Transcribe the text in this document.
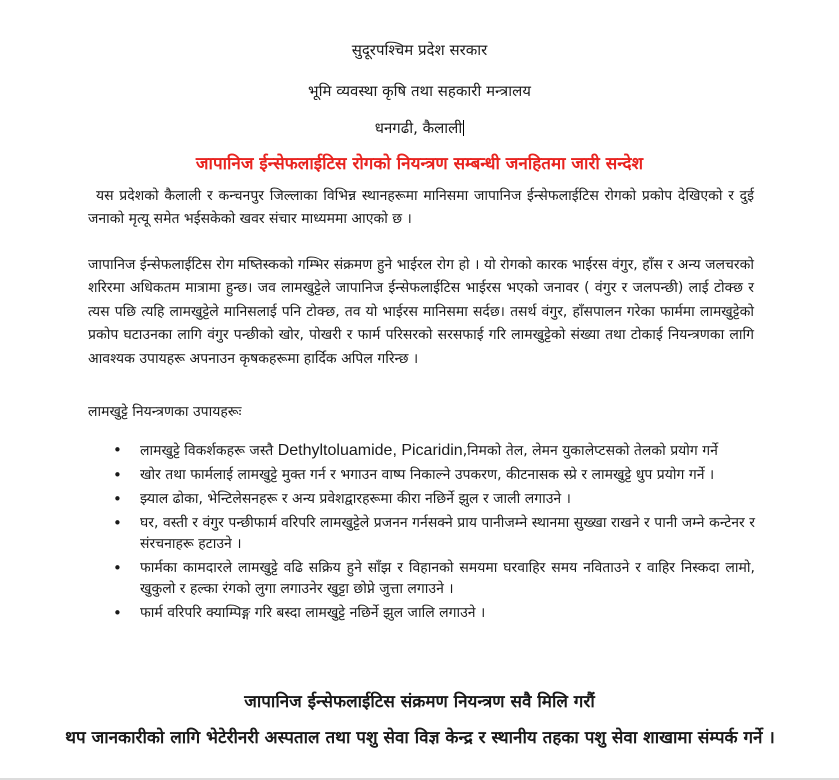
सुदूरपश्चिम प्रदेश सरकार
भूमि व्यवस्था कृषि तथा सहकारी मन्त्रालय
धनगढी, कैलाली
जापानिज ईन्सेफलाईटिस रोगको नियन्त्रण सम्बन्धी जनहितमा जारी सन्देश

यस प्रदेशको कैलाली र कन्चनपुर जिल्लाका विभिन्न स्थानहरूमा मानिसमा जापानिज ईन्सेफलाईटिस रोगको प्रकोप देखिएको र दुई जनाको मृत्यू समेत भईसकेको खवर संचार माध्यममा आएको छ ।

जापानिज ईन्सेफलाईटिस रोग मष्तिस्कको गम्भिर संक्रमण हुने भाईरल रोग हो । यो रोगको कारक भाईरस वंगुर, हाँस र अन्य जलचरको शरिरमा अधिकतम मात्रामा हुन्छ। जव लामखुट्टेले जापानिज ईन्सेफलाईटिस भाईरस भएको जनावर ( वंगुर र जलपन्छी) लाई टोक्छ र त्यस पछि त्यहि लामखुट्टेले मानिसलाई पनि टोक्छ, तव यो भाईरस मानिसमा सर्दछ। तसर्थ वंगुर, हाँसपालन गरेका फार्ममा लामखुट्टेको प्रकोप घटाउनका लागि वंगुर पन्छीको खोर, पोखरी र फार्म परिसरको सरसफाई गरि लामखुट्टेको संख्या तथा टोकाई नियन्त्रणका लागि आवश्यक उपायहरू अपनाउन कृषकहरूमा हार्दिक अपिल गरिन्छ ।

लामखुट्टे नियन्त्रणका उपायहरूः

• लामखुट्टे विकर्शकहरू जस्तै Dethyltoluamide, Picaridin,निमको तेल, लेमन युकालेप्टसको तेलको प्रयोग गर्ने
• खोर तथा फार्मलाई लामखुट्टे मुक्त गर्न र भगाउन वाष्प निकाल्ने उपकरण, कीटनासक स्प्रे र लामखुट्टे धुप प्रयोग गर्ने ।
• झ्याल ढोका, भेन्टिलेसनहरू र अन्य प्रवेशद्वारहरूमा कीरा नछिर्ने झुल र जाली लगाउने ।
• घर, वस्ती र वंगुर पन्छीफार्म वरिपरि लामखुट्टेले प्रजनन गर्नसक्ने प्राय पानीजम्ने स्थानमा सुख्खा राखने र पानी जम्ने कन्टेनर र संरचनाहरू हटाउने ।
• फार्मका कामदारले लामखुट्टे वढि सक्रिय हुने साँझ र विहानको समयमा घरवाहिर समय नविताउने र वाहिर निस्कदा लामो, खुकुलो र हल्का रंगको लुगा लगाउनेर खुट्टा छोप्ने जुत्ता लगाउने ।
• फार्म वरिपरि क्याम्पिङ्ग गरि बस्दा लामखुट्टे नछिर्ने झुल जालि लगाउने ।
जापानिज ईन्सेफलाईटिस संक्रमण नियन्त्रण सवै मिलि गरौं

थप जानकारीको लागि भेटेरीनरी अस्पताल तथा पशु सेवा विज्ञ केन्द्र र स्थानीय तहका पशु सेवा शाखामा संम्पर्क गर्ने ।
